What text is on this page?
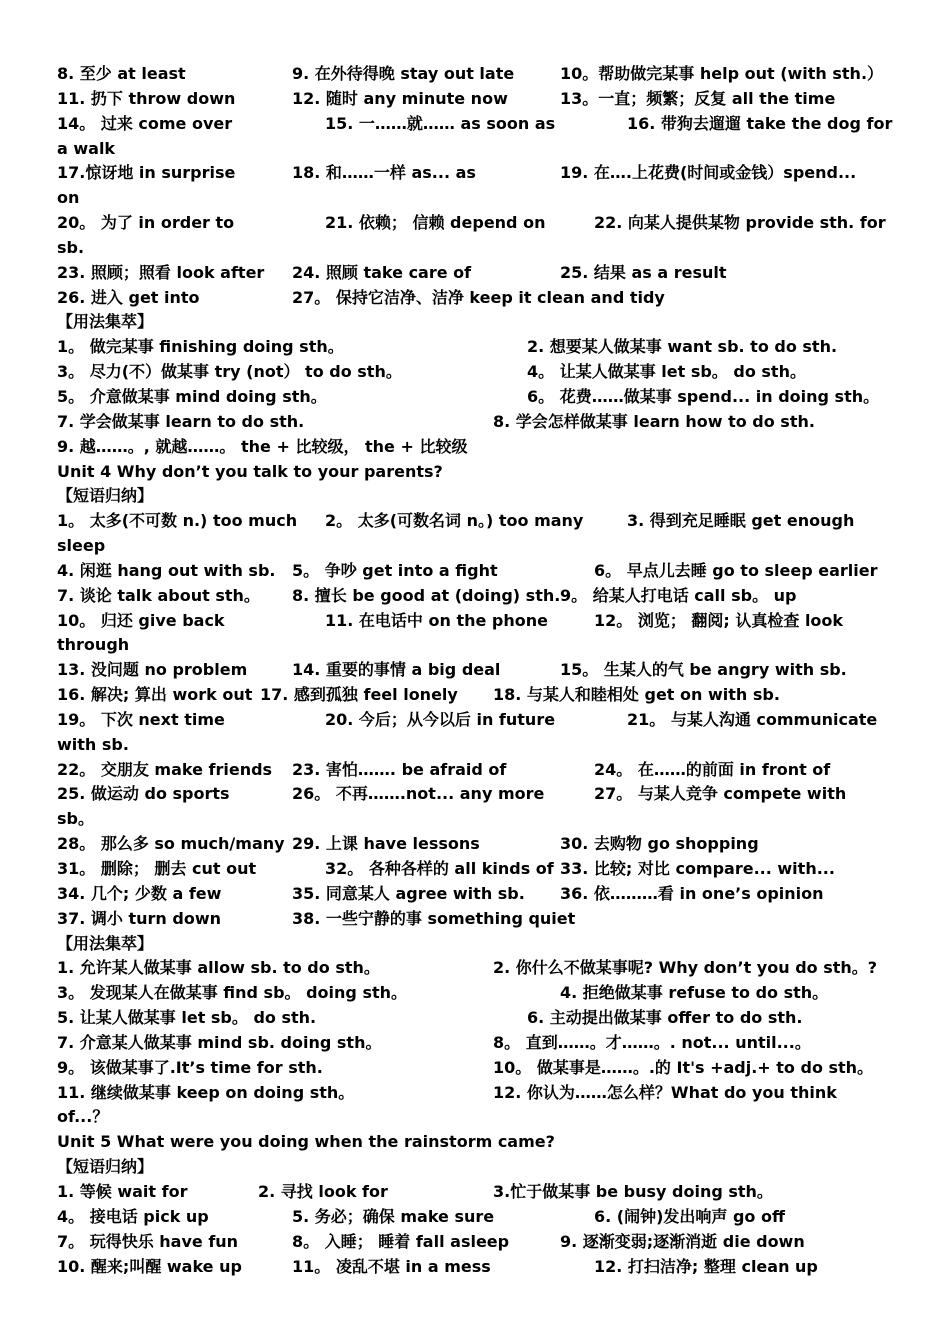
8. 至少 at least	9. 在外待得晚 stay out late	10。帮助做完某事 help out (with sth.）
11. 扔下 throw down	12. 随时 any minute now	13。一直；频繁；反复 all the time
14。 过来 come over	15. 一……就…… as soon as	16. 带狗去遛遛 take the dog for
a walk
17.惊讶地 in surprise	18. 和……一样 as... as	19. 在….上花费(时间或金钱）spend...
on
20。 为了 in order to	21. 依赖； 信赖 depend on	22. 向某人提供某物 provide sth. for
sb.
23. 照顾；照看 look after 24. 照顾 take care of	25. 结果 as a result
26. 进入 get into	27。 保持它洁净、洁净 keep it clean and tidy
【用法集萃】
1。 做完某事 finishing doing sth。	2. 想要某人做某事 want sb. to do sth.
3。 尽力(不）做某事 try (not） to do sth。	4。 让某人做某事 let sb。 do sth。
5。 介意做某事 mind doing sth。	6。 花费……做某事 spend... in doing sth。
7. 学会做某事 learn to do sth.	8. 学会怎样做某事 learn how to do sth.
9. 越……。, 就越……。 the + 比较级， the + 比较级
Unit 4 Why don’t you talk to your parents?
【短语归纳】
1。 太多(不可数 n.) too much 2。 太多(可数名词 n。) too many	3. 得到充足睡眠 get enough
sleep
4. 闲逛 hang out with sb. 5。 争吵 get into a fight	6。 早点儿去睡 go to sleep earlier
7. 谈论 talk about sth。 8. 擅长 be good at (doing) sth. 9。 给某人打电话 call sb。 up
10。 归还 give back	11. 在电话中 on the phone	12。 浏览； 翻阅; 认真检查 look
through
13. 没问题 no problem	14. 重要的事情 a big deal	15。 生某人的气 be angry with sb.
16. 解决; 算出 work out 17. 感到孤独 feel lonely 18. 与某人和睦相处 get on with sb.
19。 下次 next time	20. 今后；从今以后 in future	21。 与某人沟通 communicate
with sb.
22。 交朋友 make friends 23. 害怕……. be afraid of	24。 在……的前面 in front of
25. 做运动 do sports	26。 不再…….not... any more	27。 与某人竞争 compete with
sb。
28。 那么多 so much/many 29. 上课 have lessons	30. 去购物 go shopping
31。 删除； 删去 cut out	32。 各种各样的 all kinds of 33. 比较; 对比 compare... with...
34. 几个; 少数 a few	35. 同意某人 agree with sb. 36. 依………看 in one’s opinion
37. 调小 turn down	38. 一些宁静的事 something quiet
【用法集萃】
1. 允许某人做某事 allow sb. to do sth。	2. 你什么不做某事呢? Why don’t you do sth。?
3。 发现某人在做某事 find sb。 doing sth。	4. 拒绝做某事 refuse to do sth。
5. 让某人做某事 let sb。 do sth.	6. 主动提出做某事 offer to do sth.
7. 介意某人做某事 mind sb. doing sth。	8。 直到……。才……。. not... until...。
9。 该做某事了.It’s time for sth.	10。 做某事是……。.的 It's +adj.+ to do sth。
11. 继续做某事 keep on doing sth。	12. 你认为……怎么样？What do you think
of...？
Unit 5 What were you doing when the rainstorm came?
【短语归纳】
1. 等候 wait for	2. 寻找 look for	3.忙于做某事 be busy doing sth。
4。 接电话 pick up	5. 务必；确保 make sure	6. (闹钟)发出响声 go off
7。 玩得快乐 have fun	8。 入睡； 睡着 fall asleep	9. 逐渐变弱;逐渐消逝 die down
10. 醒来;叫醒 wake up	11。 凌乱不堪 in a mess	12. 打扫洁净; 整理 clean up
